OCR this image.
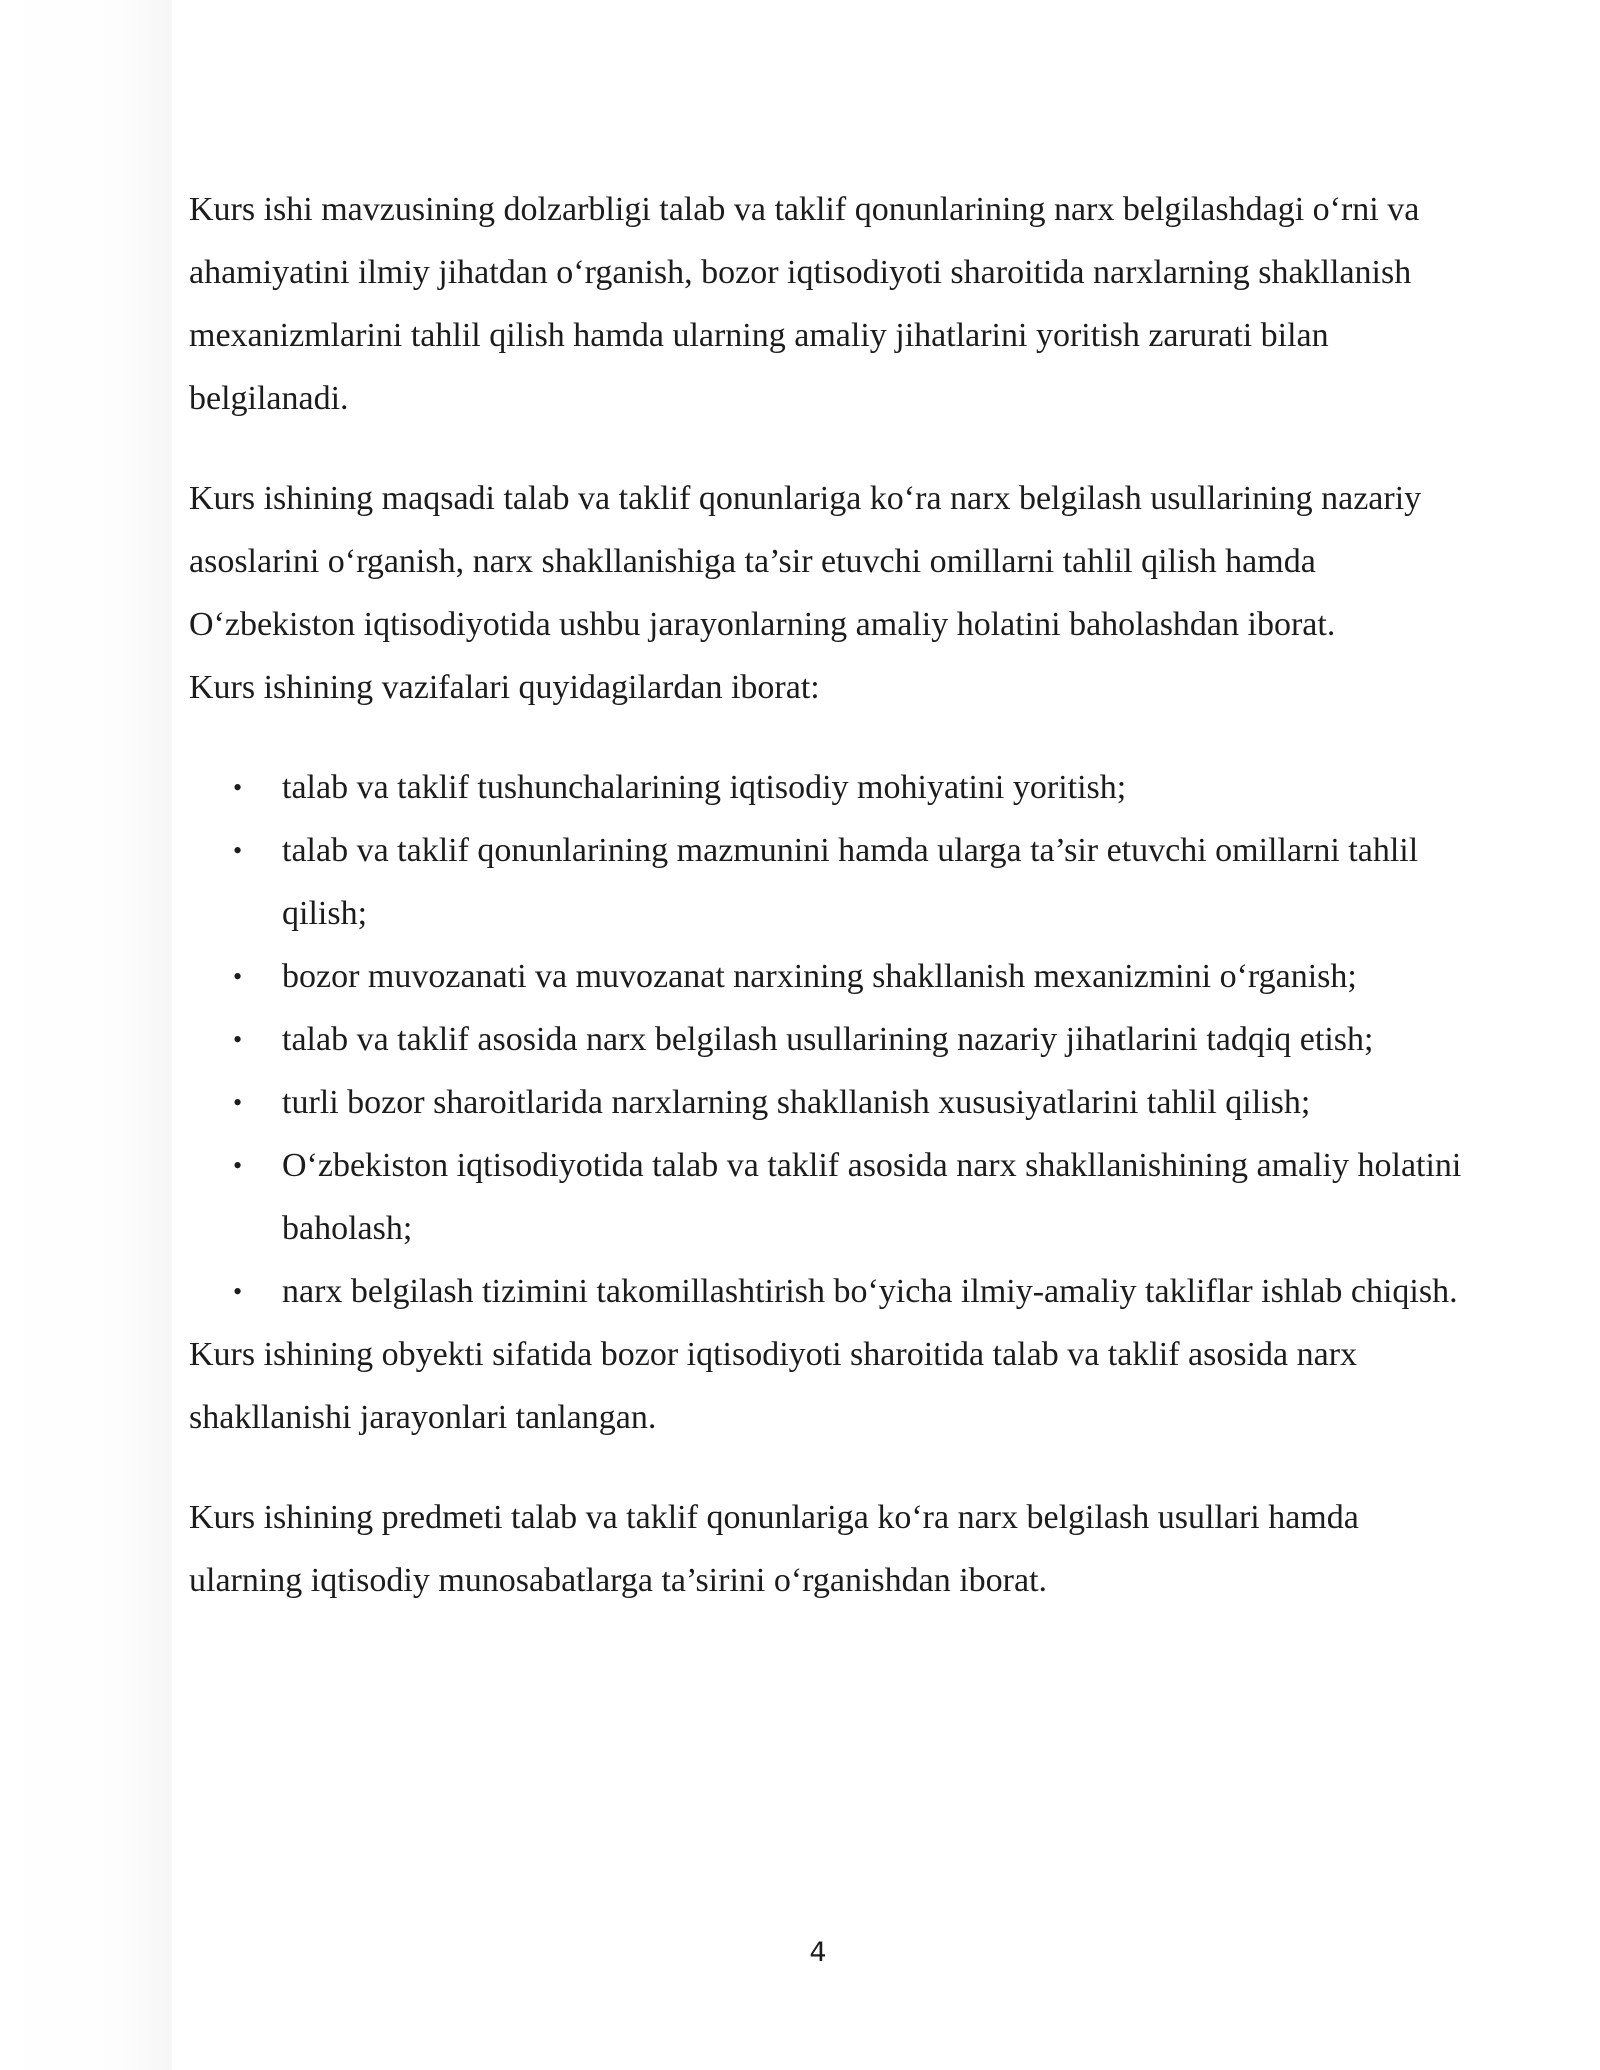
Kurs ishi mavzusining dolzarbligi talab va taklif qonunlarining narx belgilashdagi o‘rni va ahamiyatini ilmiy jihatdan o‘rganish, bozor iqtisodiyoti sharoitida narxlarning shakllanish mexanizmlarini tahlil qilish hamda ularning amaliy jihatlarini yoritish zarurati bilan belgilanadi.

Kurs ishining maqsadi talab va taklif qonunlariga ko‘ra narx belgilash usullarining nazariy asoslarini o‘rganish, narx shakllanishiga ta’sir etuvchi omillarni tahlil qilish hamda O‘zbekiston iqtisodiyotida ushbu jarayonlarning amaliy holatini baholashdan iborat.

Kurs ishining vazifalari quyidagilardan iborat:

• talab va taklif tushunchalarining iqtisodiy mohiyatini yoritish;
• talab va taklif qonunlarining mazmunini hamda ularga ta’sir etuvchi omillarni tahlil qilish;
• bozor muvozanati va muvozanat narxining shakllanish mexanizmini o‘rganish;
• talab va taklif asosida narx belgilash usullarining nazariy jihatlarini tadqiq etish;
• turli bozor sharoitlarida narxlarning shakllanish xususiyatlarini tahlil qilish;
• O‘zbekiston iqtisodiyotida talab va taklif asosida narx shakllanishining amaliy holatini baholash;
• narx belgilash tizimini takomillashtirish bo‘yicha ilmiy-amaliy takliflar ishlab chiqish.

Kurs ishining obyekti sifatida bozor iqtisodiyoti sharoitida talab va taklif asosida narx shakllanishi jarayonlari tanlangan.

Kurs ishining predmeti talab va taklif qonunlariga ko‘ra narx belgilash usullari hamda ularning iqtisodiy munosabatlarga ta’sirini o‘rganishdan iborat.

4
